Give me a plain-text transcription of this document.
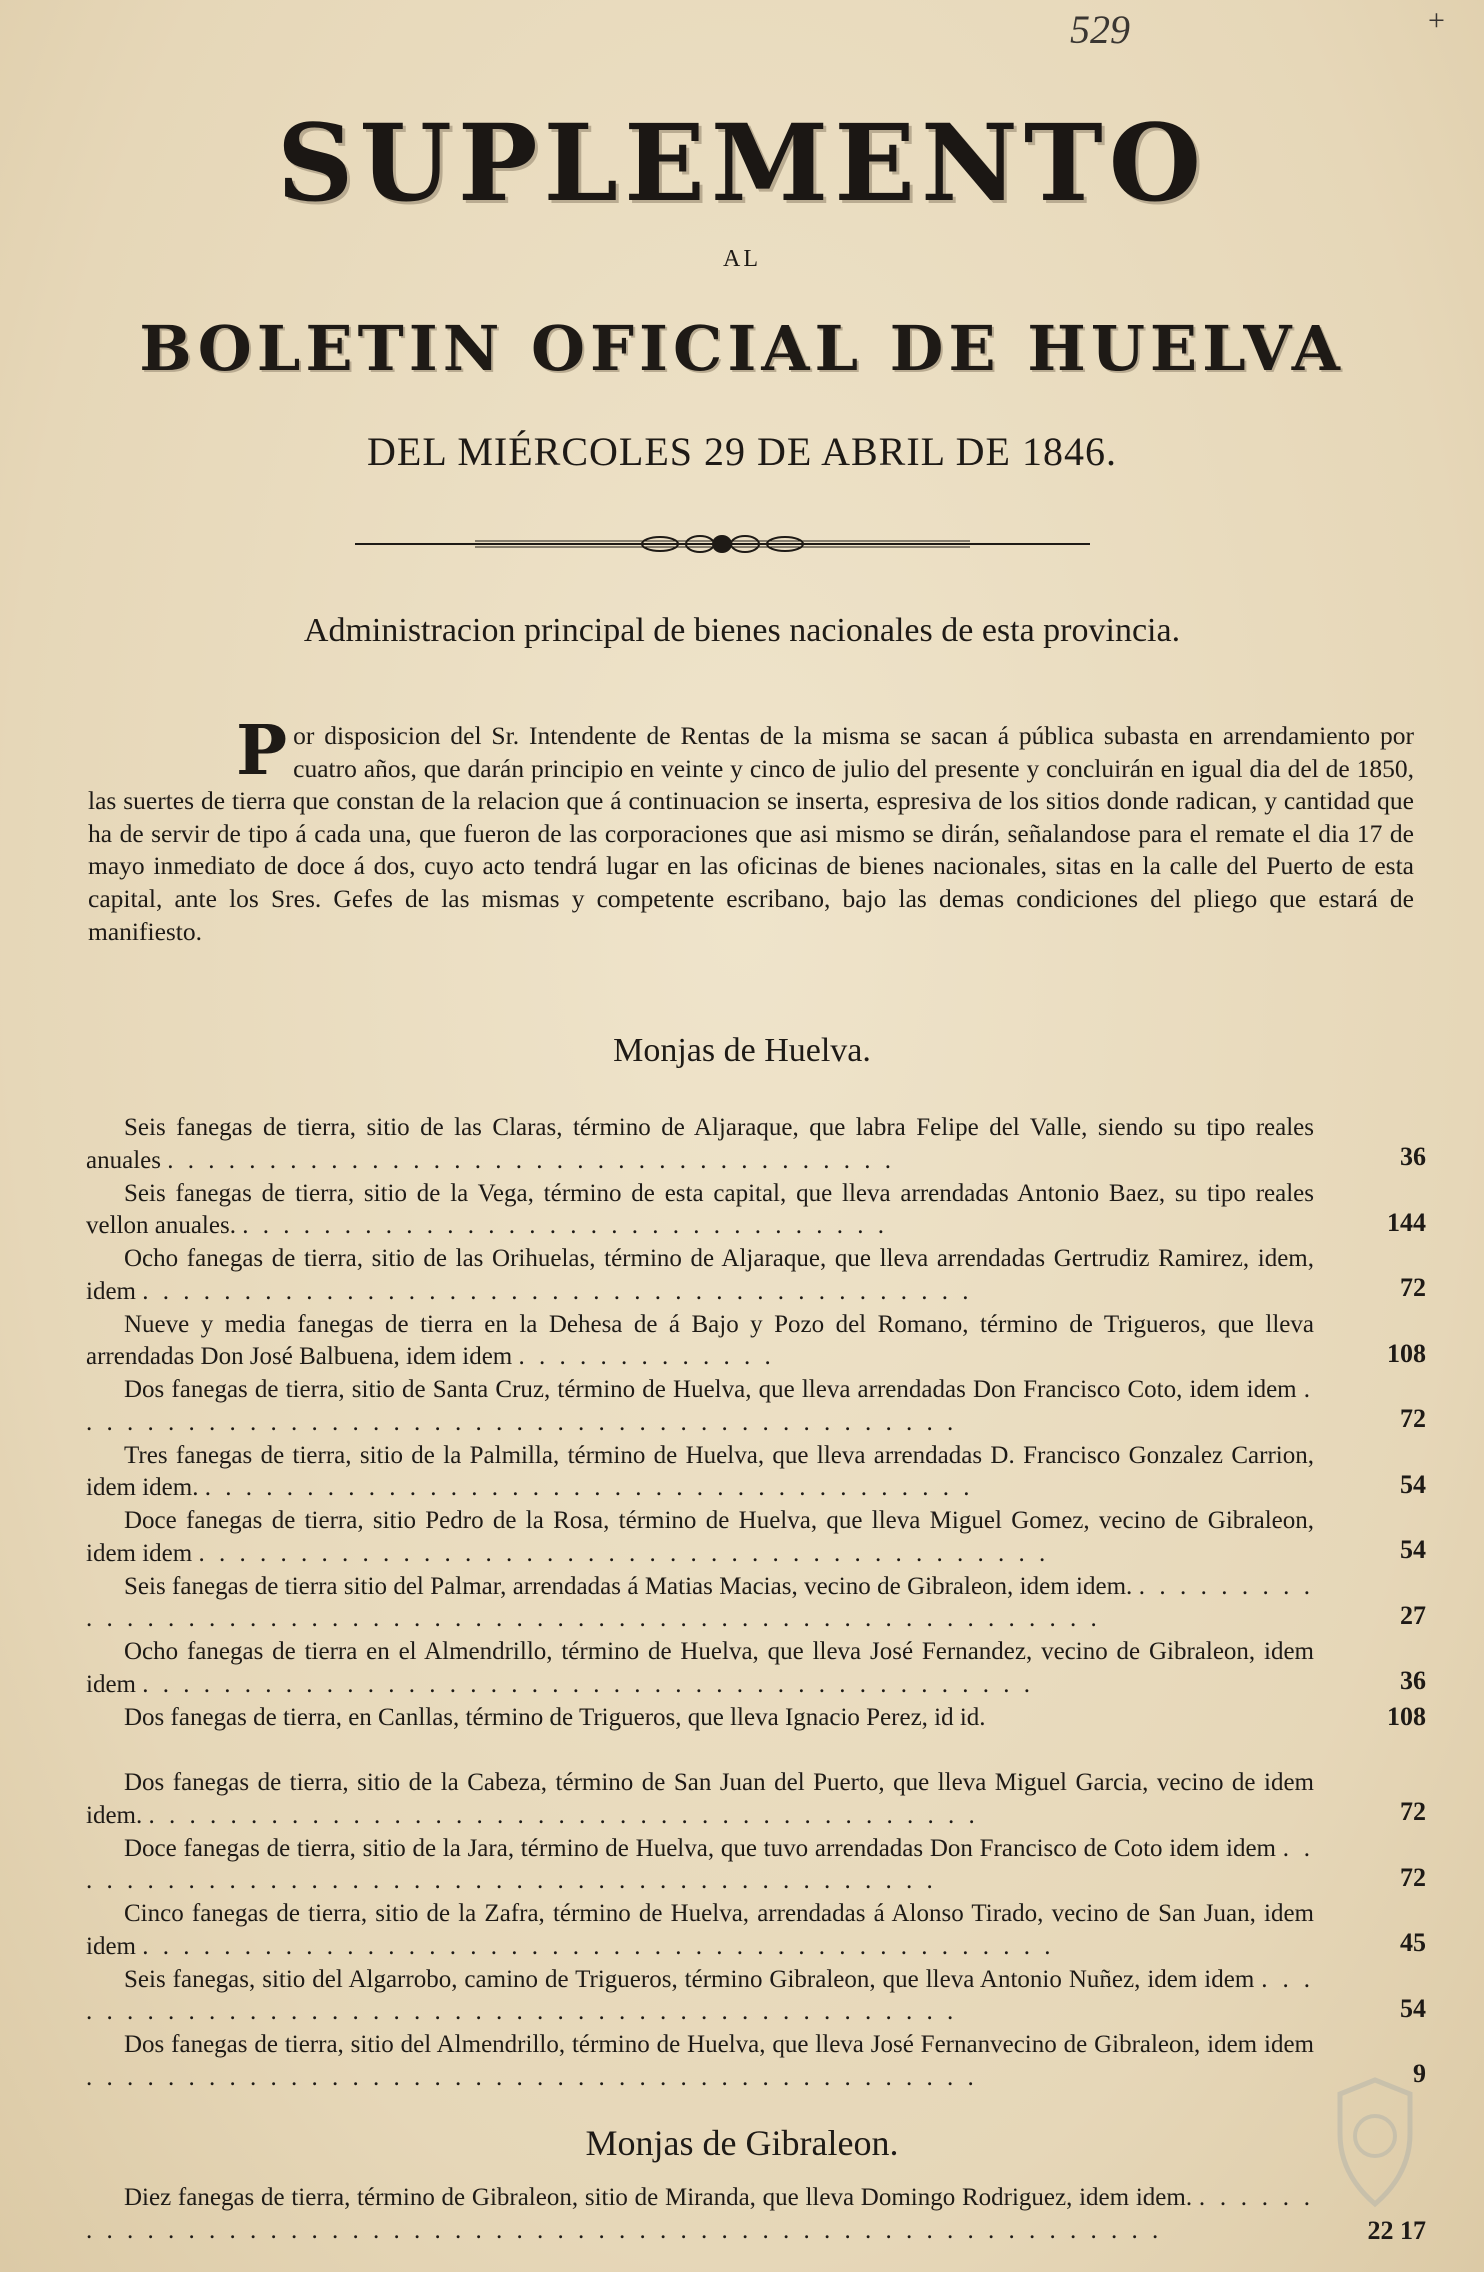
529	+
SUPLEMENTO
AL
BOLETIN OFICIAL DE HUELVA
DEL MIÉRCOLES 29 DE ABRIL DE 1846.
Administracion principal de bienes nacionales de esta provincia.
P or disposicion del Sr. Intendente de Rentas de la misma se sacan á pública subasta en arrendamiento por cuatro años, que darán principio en veinte y cinco de julio del presente y concluirán en igual dia del de 1850, las suertes de tierra que constan de la relacion que á continuacion se inserta, espresiva de los sitios donde radican, y cantidad que ha de servir de tipo á cada una, que fueron de las corporaciones que asi mismo se dirán, señalandose para el remate el dia 17 de mayo inmediato de doce á dos, cuyo acto tendrá lugar en las oficinas de bienes nacionales, sitas en la calle del Puerto de esta capital, ante los Sres. Gefes de las mismas y competente escribano, bajo las demas condiciones del pliego que estará de manifiesto.
Monjas de Huelva.
Seis fanegas de tierra, sitio de las Claras, término de Aljaraque, que labra Felipe del Valle, siendo su tipo reales anuales . . . . . . . . . . . . . . . . . . . . . . . . . . . . . . . . . . . .	36
Seis fanegas de tierra, sitio de la Vega, término de esta capital, que lleva arrendadas Antonio Baez, su tipo reales vellon anuales. . . . . . . . . . . . . . . . . . . . . . . . . . . . . . . . .	144
Ocho fanegas de tierra, sitio de las Orihuelas, término de Aljaraque, que lleva arrendadas Gertrudiz Ramirez, idem, idem . . . . . . . . . . . . . . . . . . . . . . . . . . . . . . . . . . . . . . . . .	72
Nueve y media fanegas de tierra en la Dehesa de á Bajo y Pozo del Romano, término de Trigueros, que lleva arrendadas Don José Balbuena, idem idem . . . . . . . . . . . . .	108
Dos fanegas de tierra, sitio de Santa Cruz, término de Huelva, que lleva arrendadas Don Francisco Coto, idem idem . . . . . . . . . . . . . . . . . . . . . . . . . . . . . . . . . . . . . . . . . . . .	72
Tres fanegas de tierra, sitio de la Palmilla, término de Huelva, que lleva arrendadas D. Francisco Gonzalez Carrion, idem idem. . . . . . . . . . . . . . . . . . . . . . . . . . . . . . . . . . . . . . .	54
Doce fanegas de tierra, sitio Pedro de la Rosa, término de Huelva, que lleva Miguel Gomez, vecino de Gibraleon, idem idem . . . . . . . . . . . . . . . . . . . . . . . . . . . . . . . . . . . . . . . . . .	54
Seis fanegas de tierra sitio del Palmar, arrendadas á Matias Macias, vecino de Gibraleon, idem idem. . . . . . . . . . . . . . . . . . . . . . . . . . . . . . . . . . . . . . . . . . . . . . . . . . . . . . . . . . . .	27
Ocho fanegas de tierra en el Almendrillo, término de Huelva, que lleva José Fernandez, vecino de Gibraleon, idem idem . . . . . . . . . . . . . . . . . . . . . . . . . . . . . . . . . . . . . . . . . . . .	36
Dos fanegas de tierra, en Canllas, término de Trigueros, que lleva Ignacio Perez, id id.	108
Dos fanegas de tierra, sitio de la Cabeza, término de San Juan del Puerto, que lleva Miguel Garcia, vecino de idem idem. . . . . . . . . . . . . . . . . . . . . . . . . . . . . . . . . . . . . . . . . .	72
Doce fanegas de tierra, sitio de la Jara, término de Huelva, que tuvo arrendadas Don Francisco de Coto idem idem . . . . . . . . . . . . . . . . . . . . . . . . . . . . . . . . . . . . . . . . . . . .	72
Cinco fanegas de tierra, sitio de la Zafra, término de Huelva, arrendadas á Alonso Tirado, vecino de San Juan, idem idem . . . . . . . . . . . . . . . . . . . . . . . . . . . . . . . . . . . . . . . . . . . . .	45
Seis fanegas, sitio del Algarrobo, camino de Trigueros, término Gibraleon, que lleva Antonio Nuñez, idem idem . . . . . . . . . . . . . . . . . . . . . . . . . . . . . . . . . . . . . . . . . . . . . .	54
Dos fanegas de tierra, sitio del Almendrillo, término de Huelva, que lleva José Fernanvecino de Gibraleon, idem idem . . . . . . . . . . . . . . . . . . . . . . . . . . . . . . . . . . . . . . . . . . . .	9
Monjas de Gibraleon.
Diez fanegas de tierra, término de Gibraleon, sitio de Miranda, que lleva Domingo Rodriguez, idem idem. . . . . . . . . . . . . . . . . . . . . . . . . . . . . . . . . . . . . . . . . . . . . . . . . . . . . . . . . . . .	22 17
